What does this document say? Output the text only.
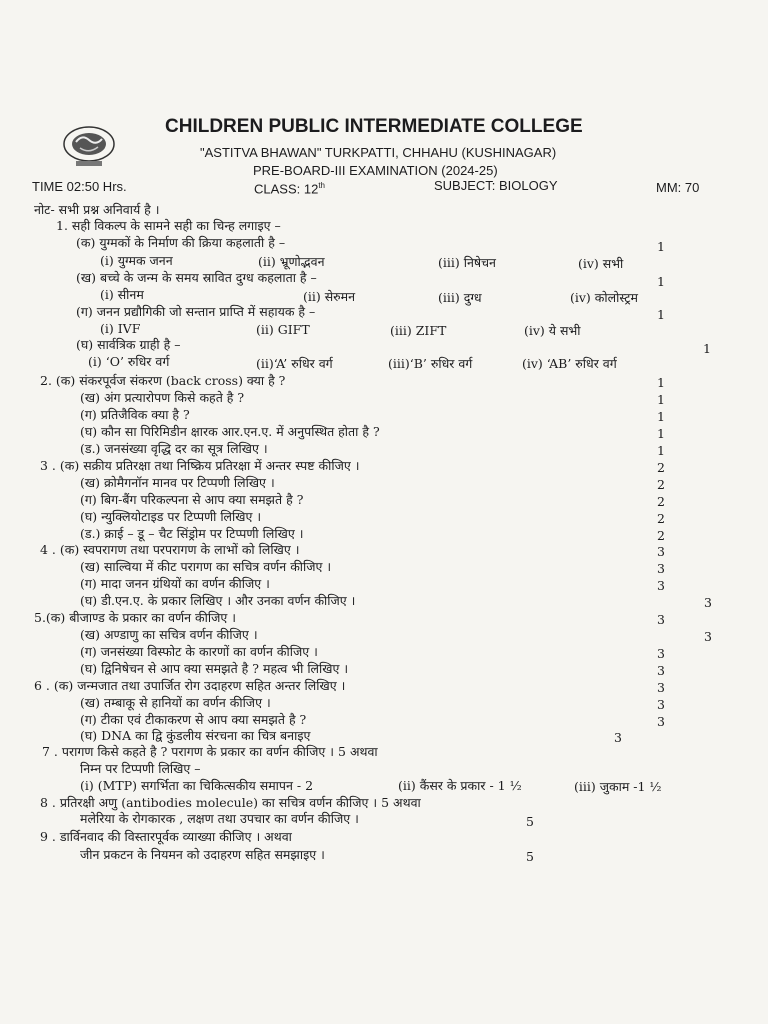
CHILDREN PUBLIC INTERMEDIATE COLLEGE
"ASTITVA BHAWAN" TURKPATTI, CHHAHU (KUSHINAGAR)
PRE-BOARD-III EXAMINATION (2024-25)
TIME 02:50 Hrs.	CLASS: 12th	SUBJECT: BIOLOGY	MM: 70
नोट- सभी प्रश्न अनिवार्य है ।
1. सही विकल्प के सामने सही का चिन्ह लगाइए –
(क) युग्मकों के निर्माण की क्रिया कहलाती है –	1
(i) युग्मक जनन	(ii) भ्रूणोद्भवन	(iii) निषेचन	(iv) सभी
(ख) बच्चे के जन्म के समय स्रावित दुग्ध कहलाता है –	1
(i) सीनम	(ii) सेरुमन	(iii) दुग्ध	(iv) कोलोस्ट्रम
(ग) जनन प्रद्यौगिकी जो सन्तान प्राप्ति में सहायक है –	1
(i) IVF	(ii) GIFT	(iii) ZIFT	(iv) ये सभी
(घ) सार्वत्रिक ग्राही है –	1
(i) ‘O’ रुधिर वर्ग	(ii)‘A’ रुधिर वर्ग	(iii)‘B’ रुधिर वर्ग	(iv) ‘AB’ रुधिर वर्ग
2. (क) संकरपूर्वज संकरण (back cross) क्या है ?	1
(ख) अंग प्रत्यारोपण किसे कहते है ?	1
(ग) प्रतिजैविक क्या है ?	1
(घ) कौन सा पिरिमिडीन क्षारक आर.एन.ए. में अनुपस्थित होता है ?	1
(ड.) जनसंख्या वृद्धि दर का सूत्र लिखिए ।	1
3 . (क) सक्रीय प्रतिरक्षा तथा निष्क्रिय प्रतिरक्षा में अन्तर स्पष्ट कीजिए ।	2
(ख) क्रोमैगनॉन मानव पर टिप्पणी लिखिए ।	2
(ग) बिग-बैंग परिकल्पना से आप क्या समझते है ?	2
(घ) न्युक्लियोटाइड पर टिप्पणी लिखिए ।	2
(ड.) क्राई – डू – चैट सिंड्रोम पर टिप्पणी लिखिए ।	2
4 . (क) स्वपरागण तथा परपरागण के लाभों को लिखिए ।	3
(ख) साल्विया में कीट परागण का सचित्र वर्णन कीजिए ।	3
(ग) मादा जनन ग्रंथियों का वर्णन कीजिए ।	3
(घ) डी.एन.ए. के प्रकार लिखिए । और उनका वर्णन कीजिए ।	3
5.(क) बीजाण्ड के प्रकार का वर्णन कीजिए ।	3
(ख) अण्डाणु का सचित्र वर्णन कीजिए ।	3
(ग) जनसंख्या विस्फोट के कारणों का वर्णन कीजिए ।	3
(घ) द्विनिषेचन से आप क्या समझते है ? महत्व भी लिखिए ।	3
6 . (क) जन्मजात तथा उपार्जित रोग उदाहरण सहित अन्तर लिखिए ।	3
(ख) तम्बाकू से हानियों का वर्णन कीजिए ।	3
(ग) टीका एवं टीकाकरण से आप क्या समझते है ?	3
(घ) DNA का द्वि कुंडलीय संरचना का चित्र बनाइए	3
7 . परागण किसे कहते है ? परागण के प्रकार का वर्णन कीजिए । 5 अथवा
निम्न पर टिप्पणी लिखिए –
(i) (MTP) सगर्भिता का चिकित्सकीय समापन - 2	(ii) कैंसर के प्रकार - 1 ½	(iii) जुकाम -1 ½
8 . प्रतिरक्षी अणु (antibodies molecule) का सचित्र वर्णन कीजिए । 5 अथवा
मलेरिया के रोगकारक , लक्षण तथा उपचार का वर्णन कीजिए ।	5
9 . डार्विनवाद की विस्तारपूर्वक व्याख्या कीजिए । अथवा
जीन प्रकटन के नियमन को उदाहरण सहित समझाइए ।	5
